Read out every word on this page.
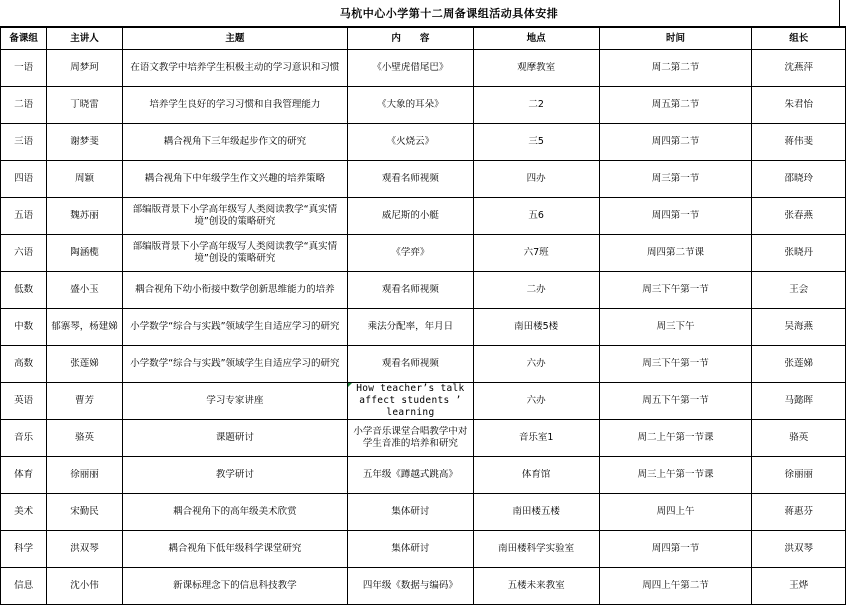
马杭中心小学第十二周备课组活动具体安排
备课组	主讲人	主题	内　　容	地点	时间	组长

一语	周梦珂	在语文教学中培养学生积极主动的学习意识和习惯	《小壁虎借尾巴》	观摩教室	周二第二节	沈燕萍

二语	丁晓雷	培养学生良好的学习习惯和自我管理能力	《大象的耳朵》	二2	周五第二节	朱君怡

三语	谢梦斐	耦合视角下三年级起步作文的研究	《火烧云》	三5	周四第二节	蒋伟斐

四语	周颖	耦合视角下中年级学生作文兴趣的培养策略	观看名师视频	四办	周三第一节	邵晓玲

五语	魏苏丽	部编版背景下小学高年级写人类阅读教学“真实情境”创设的策略研究	威尼斯的小艇	五6	周四第一节	张春燕

六语	陶涵榄	部编版背景下小学高年级写人类阅读教学“真实情境”创设的策略研究	《学弈》	六7班	周四第二节课	张晓丹

低数	盛小玉	耦合视角下幼小衔接中数学创新思维能力的培养	观看名师视频	二办	周三下午第一节	王会

中数	郁寨琴，杨建娣	小学数学“综合与实践”领域学生自适应学习的研究	乘法分配率，年月日	南田楼5楼	周三下午	吴海燕

高数	张莲娣	小学数学“综合与实践”领域学生自适应学习的研究	观看名师视频	六办	周三下午第一节	张莲娣

英语	曹芳	学习专家讲座	How teacher’s talk affect students ’ learning	六办	周五下午第一节	马懿晖

音乐	骆英	课题研讨	小学音乐课堂合唱教学中对学生音准的培养和研究	音乐室1	周二上午第一节课	骆英

体育	徐丽丽	教学研讨	五年级《蹲越式跳高》	体育馆	周三上午第一节课	徐丽丽

美术	宋勤民	耦合视角下的高年级美术欣赏	集体研讨	南田楼五楼	周四上午	蒋惠芬

科学	洪双琴	耦合视角下低年级科学课堂研究	集体研讨	南田楼科学实验室	周四第一节	洪双琴

信息	沈小伟	新课标理念下的信息科技教学	四年级《数据与编码》	五楼未来教室	周四上午第二节	王烨
